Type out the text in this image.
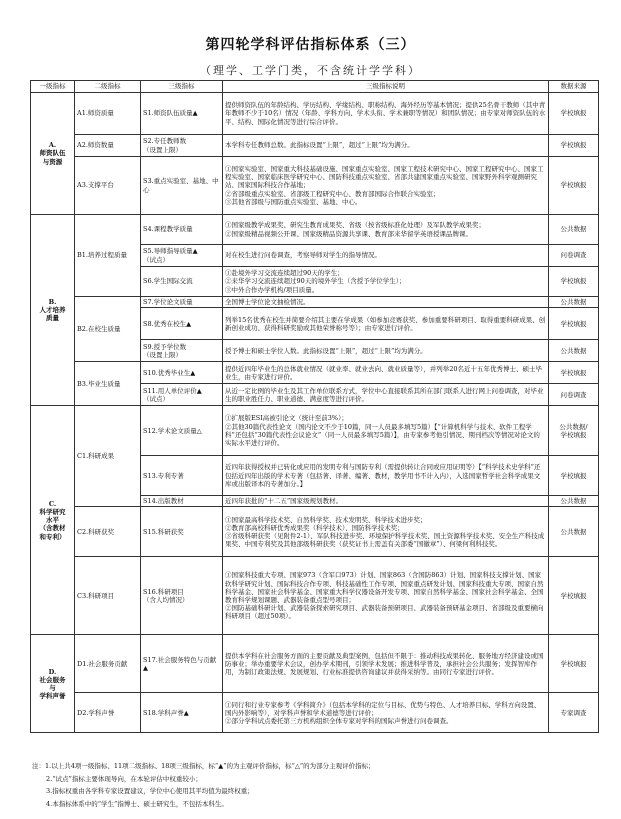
第四轮学科评估指标体系（三）
（理学、工学门类，不含统计学学科）
一级指标	二级指标	三级指标	三级指标说明	数据来源
A.
师资队伍
与资源	A1.师资质量	S1.师资队伍质量▲	提供师资队伍的年龄结构、学历结构、学缘结构、职称结构、海外经历等基本情况；提供25名骨干教师（其中青年教师不少于10名）情况（年龄、学科方向、学术头衔、学术兼职等情况）和团队情况；由专家对师资队伍的水平、结构、国际化情况等进行综合评价。	学校填报
	A2.师资数量	S2.专任教师数
（设置上限）	本学科专任教师总数。此指标设置“上限”，超过“上限”均为满分。	学校填报
	A3.支撑平台	S3.重点实验室、基地、中心	①国家实验室、国家重大科技基础设施、国家重点实验室、国家工程技术研究中心、国家工程研究中心、国家工程实验室、国家临床医学研究中心、国防科技重点实验室、省部共建国家重点实验室、国家野外科学观测研究站、国家国际科技合作基地；
②省部级重点实验室、省部级工程研究中心、教育部国际合作联合实验室；
③其他省部级与国防重点实验室、基地、中心。	学校填报
B.
人才培养
质量	B1.培养过程质量	S4.课程教学质量	①国家级教学成果奖、研究生教育成果奖、省级（按省级标准化处理）及军队教学成果奖；
②国家级精品视频公开课、国家级精品资源共享课、教育部来华留学英语授课品牌课。	公共数据
		S5.导师指导质量▲
（试点）	对在校生进行问卷调查，考察导师对学生的指导情况。	问卷调查
		S6.学生国际交流	①赴境外学习交流连续超过90天的学生；
②来华学习交流连续超过90天的境外学生（含授予学位学生）；
③中外合作办学机构/项目质量。	学校填报
	B2.在校生质量	S7.学位论文质量	全国博士学位论文抽检情况。	公共数据
		S8.优秀在校生▲	列举15名优秀在校生并简要介绍其主要在学成果（如参加竞赛获奖、参加重要科研项目、取得重要科研成果、创新创业成功、获得科研奖励或其他荣誉称号等）；由专家进行评价。	学校填报
		S9.授予学位数
（设置上限）	授予博士和硕士学位人数。此指标设置“上限”，超过“上限”均为满分。	公共数据
	B3.毕业生质量	S10.优秀毕业生▲	提供近四年毕业生的总体就业情况（就业率、就业去向、就业质量等），并列举20名近十五年优秀博士、硕士毕业生，由专家进行评价。	学校填报
		S11.用人单位评价▲
（试点）	从近一定比例的毕业生及其工作单位联系方式，学位中心直接联系其所在部门联系人进行网上问卷调查，对毕业生的职业胜任力、职业道德、满意度等进行评价。	问卷调查
C.
科学研究
水平
（含教材
和专利）	C1.科研成果	S12.学术论文质量△	①扩展版ESI高被引论文（统计至前3%）；
②其他30篇代表性论文（国内论文不少于10篇，同一人员最多填写5篇）【“计算机科学与技术、软件工程学科”还包括“30篇代表性会议论文”（同一人员最多填写5篇）】，由专家参考他引情况、期刊档次等情况对论文的实际水平进行评价。	公共数据/
学校填报
		S13.专利专著	近四年获得授权并已转化或应用的发明专利与国防专利（需提供转让合同或应用证明等）【“科学技术史学科”还包括近四年出版的学术专著（包括著、译著、编著、教材，教学用书不计入内），入选国家哲学社会科学成果文库或出版译本的专著加分。】	学校填报
		S14.出版教材	近四年获批的“十二五”国家级规划教材。	公共数据
	C2.科研获奖	S15.科研获奖	①国家最高科学技术奖、自然科学奖、技术发明奖、科学技术进步奖；
②教育部高校科研优秀成果奖（科学技术）、国防科学技术奖；
③省级科研获奖（见附件2-1）、军队科技进步奖、环境保护科学技术奖、国土资源科学技术奖、安全生产科技成果奖、中国专利奖及其他部级科研获奖（获奖证书上需盖有关部委“国徽章”）、何梁何利科技奖。	公共数据
	C3.科研项目	S16.科研项目
（含人均情况）	①国家科技重大专项、国家973（含军口973）计划、国家863（含国防863）计划、国家科技支撑计划、国家软科学研究计划、国际科技合作专项、科技基础性工作专项、国家重点研发计划、国家科技重大专项、国家自然科学基金、国家社会科学基金、国家重大科学仪器设备开发专项、国家自然科学基金、国家社会科学基金、全国教育科学规划课题、武器装备重点型号项目；
②国防基础科研计划、武器装备探索研究项目、武器装备预研项目、武器装备预研基金项目、省部级及重要横向科研项目（超过50项）。	学校填报
D.
社会服务
与
学科声誉	D1.社会服务贡献	S17.社会服务特色与贡献▲	提供本学科在社会服务方面的主要贡献及典型案例，包括但不限于：推动科技成果转化、服务地方经济建设或国防事业；举办重要学术会议，创办学术期刊，引领学术发展；推进科学普及，承担社会公共服务；发挥智库作用，为制订政策法规、发展规划、行业标准提供咨询建议并获得采纳等。由同行专家进行评价。	学校填报
	D2.学科声誉	S18.学科声誉▲	①同行和行业专家参考《学科简介》（包括本学科的定位与目标、优势与特色、人才培养目标、学科方向设置、国内外影响等），对学科声誉和学术道德等进行评价；
②部分学科试点委托第三方机构组织全体专家对学科的国际声誉进行问卷调查。	专家调查
注：1.以上共4项一级指标、11项二级指标、18项三级指标，标“▲”的为主观评价指标，标“△”的为部分主观评价指标；
2.“试点”指标主要体现导向，在本轮评估中权重较小；
3.指标权重由各学科专家设置建议，学位中心使用其平均值为最终权重；
4.本指标体系中的“学生”指博士、硕士研究生，不包括本科生。
